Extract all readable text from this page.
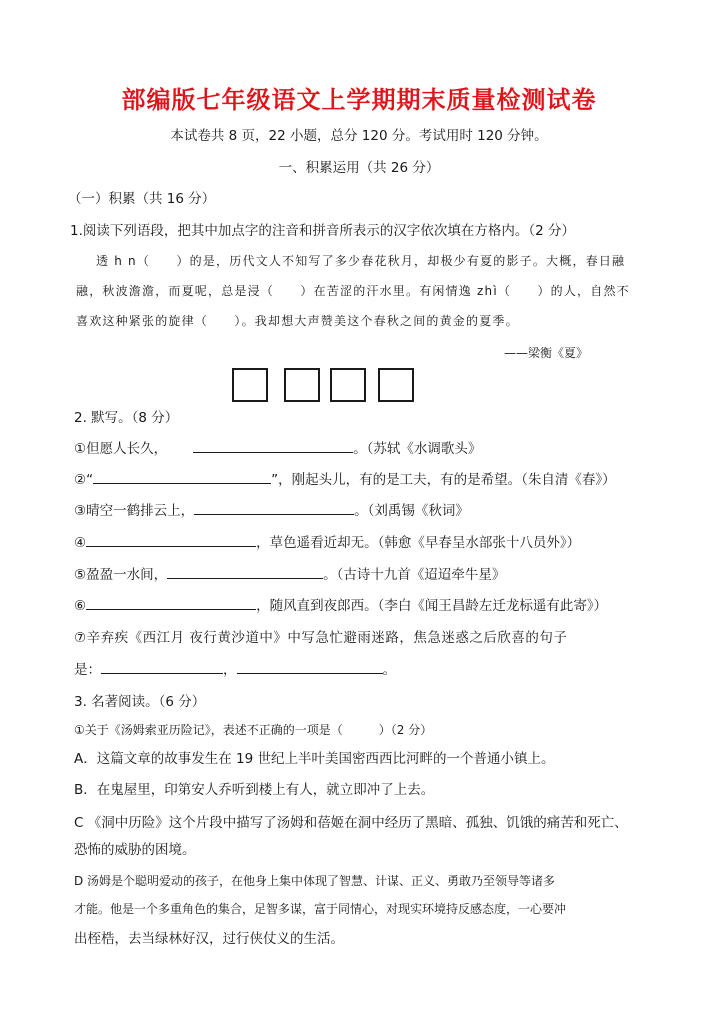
部编版七年级语文上学期期末质量检测试卷
本试卷共 8 页，22 小题，总分 120 分。考试用时 120 分钟。
一、积累运用（共 26 分）
（一）积累（共 16 分）
1.阅读下列语段，把其中加点字的注音和拼音所表示的汉字依次填在方格内。（2 分）
透 h n（　　）的是，历代文人不知写了多少春花秋月，却极少有夏的影子。大概，春日融
融，秋波澹澹，而夏呢，总是浸（　　）在苦涩的汗水里。有闲情逸 zhì（　　）的人，自然不
喜欢这种紧张的旋律（　　）。我却想大声赞美这个春秋之间的黄金的夏季。
——梁衡《夏》
2. 默写。（8 分）
①但愿人长久，	。（苏轼《水调歌头》
②“	”，刚起头儿，有的是工夫，有的是希望。（朱自清《春》）
③晴空一鹤排云上，	。（刘禹锡《秋词》
④	，草色遥看近却无。（韩愈《早春呈水部张十八员外》）
⑤盈盈一水间，	。（古诗十九首《迢迢牵牛星》
⑥	，随风直到夜郎西。（李白《闻王昌龄左迁龙标遥有此寄》）
⑦辛弃疾《西江月 夜行黄沙道中》中写急忙避雨迷路，焦急迷惑之后欣喜的句子
是：	，	。
3. 名著阅读。（6 分）
①关于《汤姆索亚历险记》，表述不正确的一项是（　　　）（2 分）
A．这篇文章的故事发生在 19 世纪上半叶美国密西西比河畔的一个普通小镇上。
B．在鬼屋里，印第安人乔听到楼上有人，就立即冲了上去。
C 《洞中历险》这个片段中描写了汤姆和蓓姬在洞中经历了黑暗、孤独、饥饿的痛苦和死亡、
恐怖的威胁的困境。
D 汤姆是个聪明爱动的孩子，在他身上集中体现了智慧、计谋、正义、勇敢乃至领导等诸多
才能。他是一个多重角色的集合，足智多谋，富于同情心，对现实环境持反感态度，一心要冲
出桎梏，去当绿林好汉，过行侠仗义的生活。
